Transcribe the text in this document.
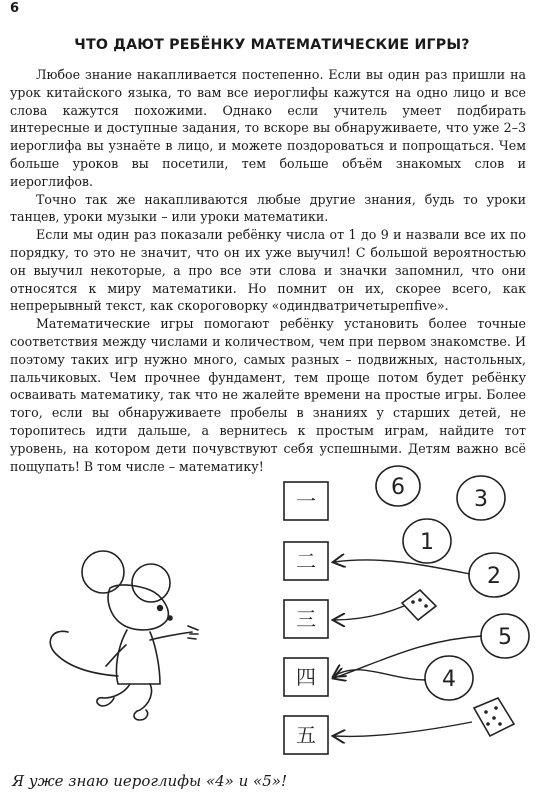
6
ЧТО ДАЮТ РЕБЁНКУ МАТЕМАТИЧЕСКИЕ ИГРЫ?

Любое знание накапливается постепенно. Если вы один раз пришли на урок китайского языка, то вам все иероглифы кажутся на одно лицо и все слова кажутся похожими. Однако если учитель умеет подбирать интересные и доступные задания, то вскоре вы обнаруживаете, что уже 2–3 иероглифа вы узнаёте в лицо, и можете поздороваться и попрощаться. Чем больше уроков вы посетили, тем больше объём знакомых слов и иероглифов.

Точно так же накапливаются любые другие знания, будь то уроки танцев, уроки музыки – или уроки математики.

Если мы один раз показали ребёнку числа от 1 до 9 и назвали все их по порядку, то это не значит, что он их уже выучил! С большой вероятностью он выучил некоторые, а про все эти слова и значки запомнил, что они относятся к миру математики. Но помнит он их, скорее всего, как непрерывный текст, как скороговорку «одиндватричетырепfive».

Математические игры помогают ребёнку установить более точные соответствия между числами и количеством, чем при первом знакомстве. И поэтому таких игр нужно много, самых разных – подвижных, настольных, пальчиковых. Чем прочнее фундамент, тем проще потом будет ребёнку осваивать математику, так что не жалейте времени на простые игры. Более того, если вы обнаруживаете пробелы в знаниях у старших детей, не торопитесь идти дальше, а вернитесь к простым играм, найдите тот уровень, на котором дети почувствуют себя успешными. Детям важно всё пощупать! В том числе – математику!

一
二
三
四
五
6	3
1
2
5
4
Я уже знаю иероглифы «4» и «5»!
